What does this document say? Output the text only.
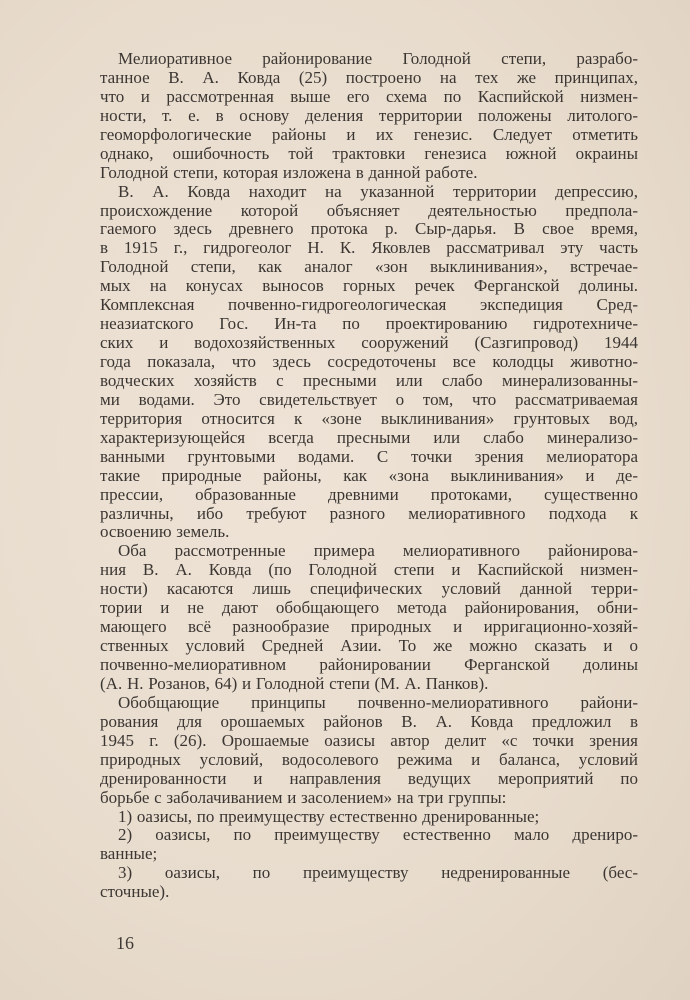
Мелиоративное районирование Голодной степи, разрабо-
танное В. А. Ковда (25) построено на тех же принципах,
что и рассмотренная выше его схема по Каспийской низмен-
ности, т. е. в основу деления территории положены литолого-
геоморфологические районы и их генезис. Следует отметить
однако, ошибочность той трактовки генезиса южной окраины
Голодной степи, которая изложена в данной работе.
В. А. Ковда находит на указанной территории депрессию,
происхождение которой объясняет деятельностью предпола-
гаемого здесь древнего протока р. Сыр-дарья. В свое время,
в 1915 г., гидрогеолог Н. К. Яковлев рассматривал эту часть
Голодной степи, как аналог «зон выклинивания», встречае-
мых на конусах выносов горных речек Ферганской долины.
Комплексная почвенно-гидрогеологическая экспедиция Сред-
неазиатского Гос. Ин-та по проектированию гидротехниче-
ских и водохозяйственных сооружений (Сазгипровод) 1944
года показала, что здесь сосредоточены все колодцы животно-
водческих хозяйств с пресными или слабо минерализованны-
ми водами. Это свидетельствует о том, что рассматриваемая
территория относится к «зоне выклинивания» грунтовых вод,
характеризующейся всегда пресными или слабо минерализо-
ванными грунтовыми водами. С точки зрения мелиоратора
такие природные районы, как «зона выклинивания» и де-
прессии, образованные древними протоками, существенно
различны, ибо требуют разного мелиоративного подхода к
освоению земель.
Оба рассмотренные примера мелиоративного районирова-
ния В. А. Ковда (по Голодной степи и Каспийской низмен-
ности) касаются лишь специфических условий данной терри-
тории и не дают обобщающего метода районирования, обни-
мающего всё разнообразие природных и ирригационно-хозяй-
ственных условий Средней Азии. То же можно сказать и о
почвенно-мелиоративном районировании Ферганской долины
(А. Н. Розанов, 64) и Голодной степи (М. А. Панков).
Обобщающие принципы почвенно-мелиоративного райони-
рования для орошаемых районов В. А. Ковда предложил в
1945 г. (26). Орошаемые оазисы автор делит «с точки зрения
природных условий, водосолевого режима и баланса, условий
дренированности и направления ведущих мероприятий по
борьбе с заболачиванием и засолением» на три группы:
1) оазисы, по преимуществу естественно дренированные;
2) оазисы, по преимуществу естественно мало дрениро-
ванные;
3) оазисы, по преимуществу недренированные (бес-
сточные).
16
